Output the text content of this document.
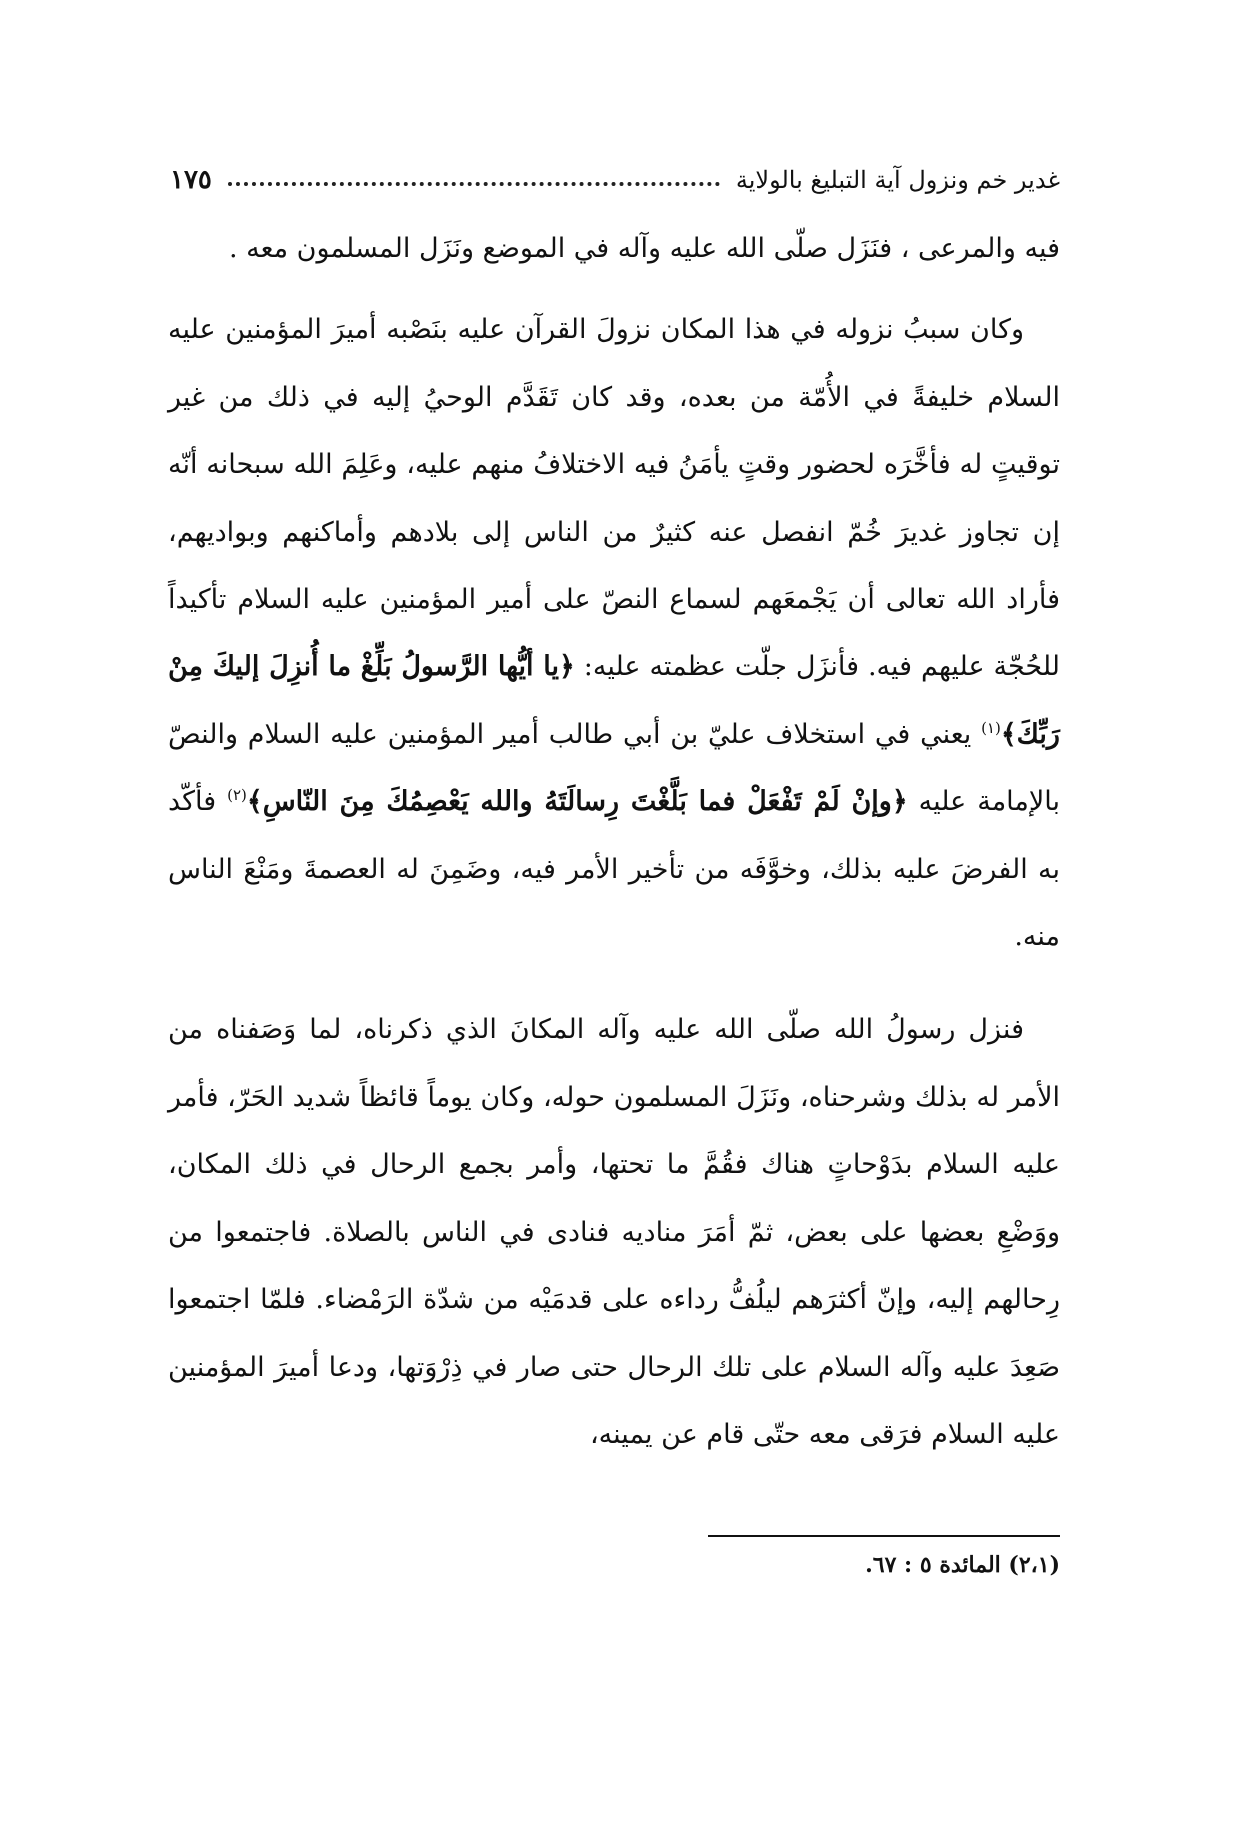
غدير خم ونزول آية التبليغ بالولاية
١٧٥

فيه والمرعى ، فنَزَل صلّى الله عليه وآله في الموضع ونَزَل المسلمون معه .

وكان سببُ نزوله في هذا المكان نزولَ القرآن عليه بنَصْبه أميرَ المؤمنين عليه السلام خليفةً في الأُمّة من بعده، وقد كان تَقَدَّم الوحيُ إليه في ذلك من غير توقيتٍ له فأخَّرَه لحضور وقتٍ يأمَنُ فيه الاختلافُ منهم عليه، وعَلِمَ الله سبحانه أنّه إن تجاوز غديرَ خُمّ انفصل عنه كثيرٌ من الناس إلى بلادهم وأماكنهم وبواديهم، فأراد الله تعالى أن يَجْمعَهم لسماع النصّ على أمير المؤمنين عليه السلام تأكيداً للحُجّة عليهم فيه. فأنزَل جلّت عظمته عليه: ﴿يا أيُّها الرَّسولُ بَلِّغْ ما أُنزِلَ إليكَ مِنْ رَبِّكَ﴾$^{(١)}$ يعني في استخلاف عليّ بن أبي طالب أمير المؤمنين عليه السلام والنصّ بالإمامة عليه ﴿وإنْ لَمْ تَفْعَلْ فما بَلَّغْتَ رِسالَتَهُ والله يَعْصِمُكَ مِنَ النّاسِ﴾$^{(٢)}$ فأكّد به الفرضَ عليه بذلك، وخوَّفَه من تأخير الأمر فيه، وضَمِنَ له العصمةَ ومَنْعَ الناس منه.

فنزل رسولُ الله صلّى الله عليه وآله المكانَ الذي ذكرناه، لما وَصَفناه من الأمر له بذلك وشرحناه، ونَزَلَ المسلمون حوله، وكان يوماً قائظاً شديد الحَرّ، فأمر عليه السلام بدَوْحاتٍ هناك فقُمَّ ما تحتها، وأمر بجمع الرحال في ذلك المكان، ووَضْعِ بعضها على بعض، ثمّ أمَرَ مناديه فنادى في الناس بالصلاة. فاجتمعوا من رِحالهم إليه، وإنّ أكثرَهم ليلُفُّ رداءه على قدمَيْه من شدّة الرَمْضاء. فلمّا اجتمعوا صَعِدَ عليه وآله السلام على تلك الرحال حتى صار في ذِرْوَتها، ودعا أميرَ المؤمنين عليه السلام فرَقى معه حتّى قام عن يمينه،

(٢،١) المائدة ٥ : ٦٧.
